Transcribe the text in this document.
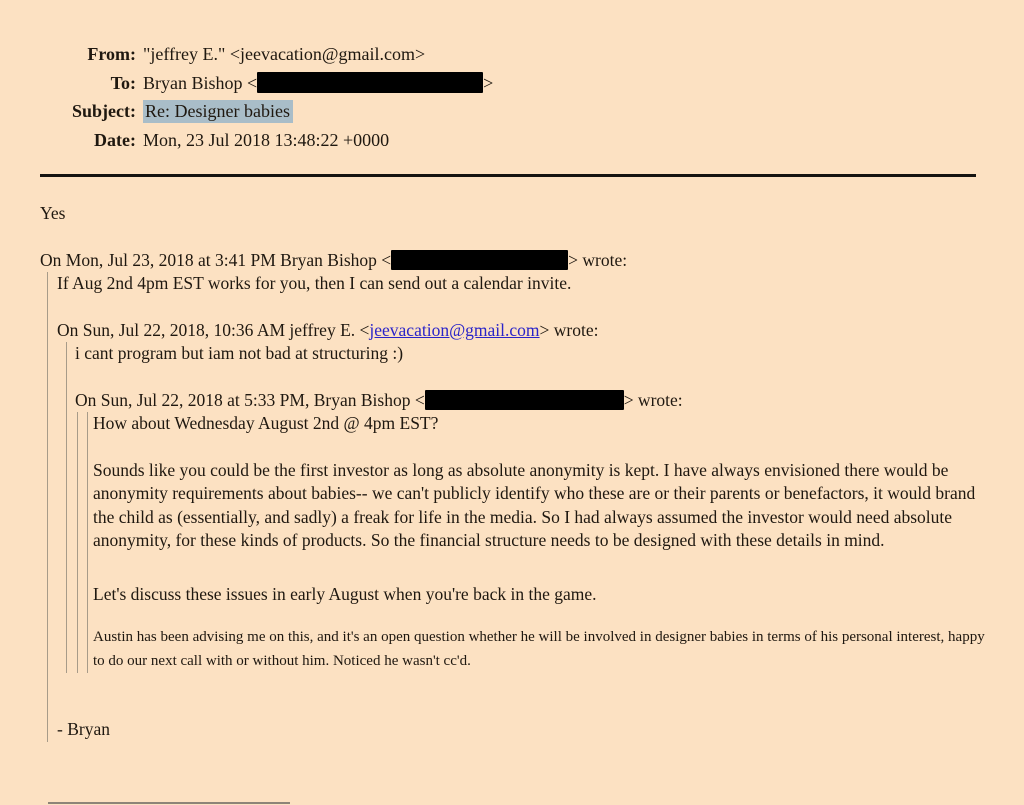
From: "jeffrey E." <jeevacation@gmail.com>
To: Bryan Bishop <	>
Subject: Re: Designer babies
Date: Mon, 23 Jul 2018 13:48:22 +0000

Yes

On Mon, Jul 23, 2018 at 3:41 PM Bryan Bishop <	> wrote:

If Aug 2nd 4pm EST works for you, then I can send out a calendar invite.

On Sun, Jul 22, 2018, 10:36 AM jeffrey E. <jeevacation@gmail.com> wrote:

i cant program but iam not bad at structuring :)

On Sun, Jul 22, 2018 at 5:33 PM, Bryan Bishop <	> wrote:

How about Wednesday August 2nd @ 4pm EST?

Sounds like you could be the first investor as long as absolute anonymity is kept. I have always envisioned there would be anonymity requirements about babies-- we can't publicly identify who these are or their parents or benefactors, it would brand the child as (essentially, and sadly) a freak for life in the media. So I had always assumed the investor would need absolute anonymity, for these kinds of products. So the financial structure needs to be designed with these details in mind.

Let's discuss these issues in early August when you're back in the game.

Austin has been advising me on this, and it's an open question whether he will be involved in designer babies in terms of his personal interest, happy to do our next call with or without him. Noticed he wasn't cc'd.

- Bryan
